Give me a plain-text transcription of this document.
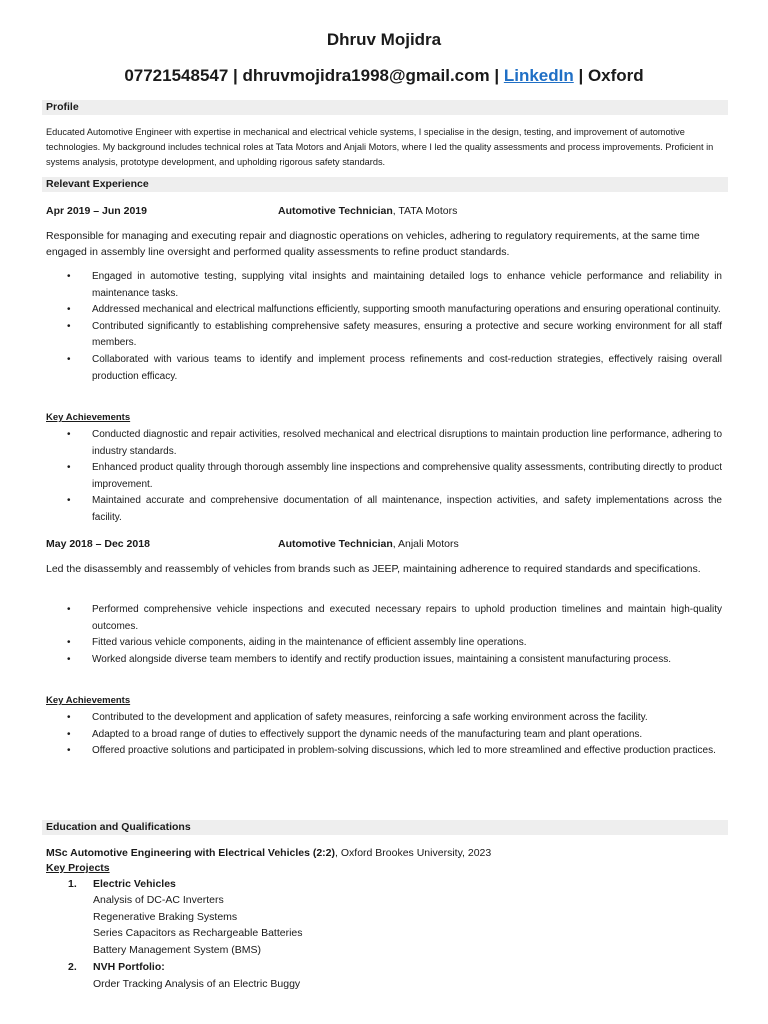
Dhruv Mojidra
07721548547 | dhruvmojidra1998@gmail.com | LinkedIn | Oxford
Profile

Educated Automotive Engineer with expertise in mechanical and electrical vehicle systems, I specialise in the design, testing, and improvement of automotive technologies. My background includes technical roles at Tata Motors and Anjali Motors, where I led the quality assessments and process improvements. Proficient in systems analysis, prototype development, and upholding rigorous safety standards.

Relevant Experience
Apr 2019 – Jun 2019	Automotive Technician, TATA Motors

Responsible for managing and executing repair and diagnostic operations on vehicles, adhering to regulatory requirements, at the same time engaged in assembly line oversight and performed quality assessments to refine product standards.

• Engaged in automotive testing, supplying vital insights and maintaining detailed logs to enhance vehicle performance and reliability in maintenance tasks.
• Addressed mechanical and electrical malfunctions efficiently, supporting smooth manufacturing operations and ensuring operational continuity.
• Contributed significantly to establishing comprehensive safety measures, ensuring a protective and secure working environment for all staff members.
• Collaborated with various teams to identify and implement process refinements and cost-reduction strategies, effectively raising overall production efficacy.
Key Achievements
• Conducted diagnostic and repair activities, resolved mechanical and electrical disruptions to maintain production line performance, adhering to industry standards.
• Enhanced product quality through thorough assembly line inspections and comprehensive quality assessments, contributing directly to product improvement.
• Maintained accurate and comprehensive documentation of all maintenance, inspection activities, and safety implementations across the facility.
May 2018 – Dec 2018	Automotive Technician, Anjali Motors

Led the disassembly and reassembly of vehicles from brands such as JEEP, maintaining adherence to required standards and specifications.

• Performed comprehensive vehicle inspections and executed necessary repairs to uphold production timelines and maintain high-quality outcomes.
• Fitted various vehicle components, aiding in the maintenance of efficient assembly line operations.
• Worked alongside diverse team members to identify and rectify production issues, maintaining a consistent manufacturing process.
Key Achievements
• Contributed to the development and application of safety measures, reinforcing a safe working environment across the facility.
• Adapted to a broad range of duties to effectively support the dynamic needs of the manufacturing team and plant operations.
• Offered proactive solutions and participated in problem-solving discussions, which led to more streamlined and effective production practices.
Education and Qualifications
MSc Automotive Engineering with Electrical Vehicles (2:2), Oxford Brookes University, 2023
Key Projects
1. Electric Vehicles
Analysis of DC-AC Inverters
Regenerative Braking Systems
Series Capacitors as Rechargeable Batteries
Battery Management System (BMS)
2. NVH Portfolio:
Order Tracking Analysis of an Electric Buggy
